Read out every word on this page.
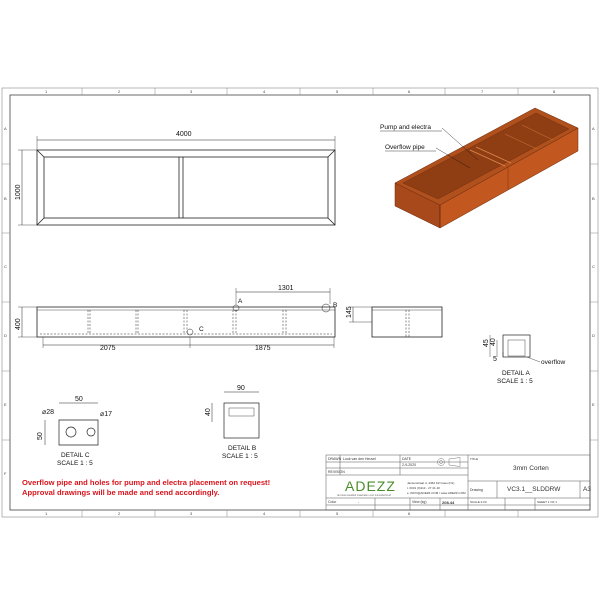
1	2	3	4	5	6	7	8
1	2	3	4	5	6
A
B
C
D
E
F
A
B
C
D
E
4000
1000
Pump and electra
Overflow pipe
400
2075	1875
1301
A
B
C
145
45 40
5	overflow
DETAIL A
SCALE 1 : 5
90
40
DETAIL B
SCALE 1 : 5
50
50
⌀28	⌀17
DETAIL C
SCALE 1 : 5
Overflow pipe and holes for pump and electra placement on request!
Approval drawings will be made and send accordingly.
DRAWN Luuk van den Heuvel	DATE
2-9-2020
REVISION
ADEZZ
de beste kwaliteit materialen voor tuinonderhoud
Jansenstraat 4, 4462 KZ Goes (NL)
t. 0031 (0)113 - 27 41 40
e. INFO@ADEZZ.COM / www.ADEZZ.COM
TITLE
3mm Corten
Drawing	VC3.1__SLDDRW	A3
Color	-	View (kg)	208.44	SCALE:1:20	SHEET 1 OF 1
